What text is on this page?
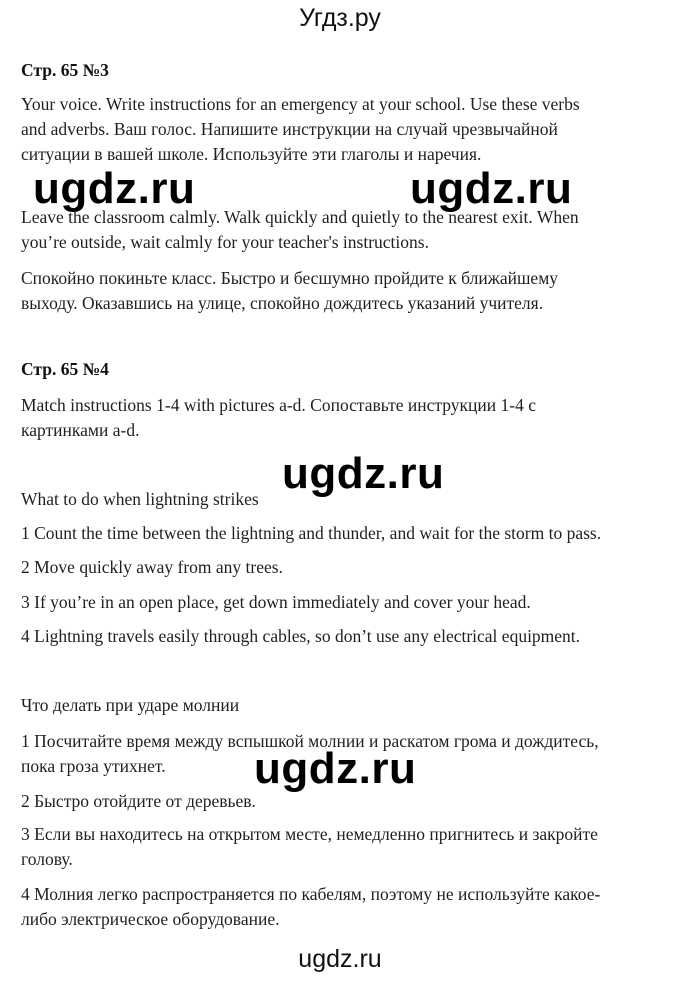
Угдз.ру
Стр. 65 №3
Your voice. Write instructions for an emergency at your school. Use these verbs
and adverbs. Ваш голос. Напишите инструкции на случай чрезвычайной
ситуации в вашей школе. Используйте эти глаголы и наречия.
ugdz.ru	ugdz.ru
Leave the classroom calmly. Walk quickly and quietly to the nearest exit. When
you’re outside, wait calmly for your teacher's instructions.
Спокойно покиньте класс. Быстро и бесшумно пройдите к ближайшему
выходу. Оказавшись на улице, спокойно дождитесь указаний учителя.
Стр. 65 №4
Match instructions 1-4 with pictures a-d. Сопоставьте инструкции 1-4 с
картинками a-d.
ugdz.ru
What to do when lightning strikes
1 Count the time between the lightning and thunder, and wait for the storm to pass.
2 Move quickly away from any trees.
3 If you’re in an open place, get down immediately and cover your head.
4 Lightning travels easily through cables, so don’t use any electrical equipment.
Что делать при ударе молнии
1 Посчитайте время между вспышкой молнии и раскатом грома и дождитесь,
пока гроза утихнет. ugdz.ru
2 Быстро отойдите от деревьев.
3 Если вы находитесь на открытом месте, немедленно пригнитесь и закройте
голову.
4 Молния легко распространяется по кабелям, поэтому не используйте какое-
либо электрическое оборудование.
ugdz.ru
